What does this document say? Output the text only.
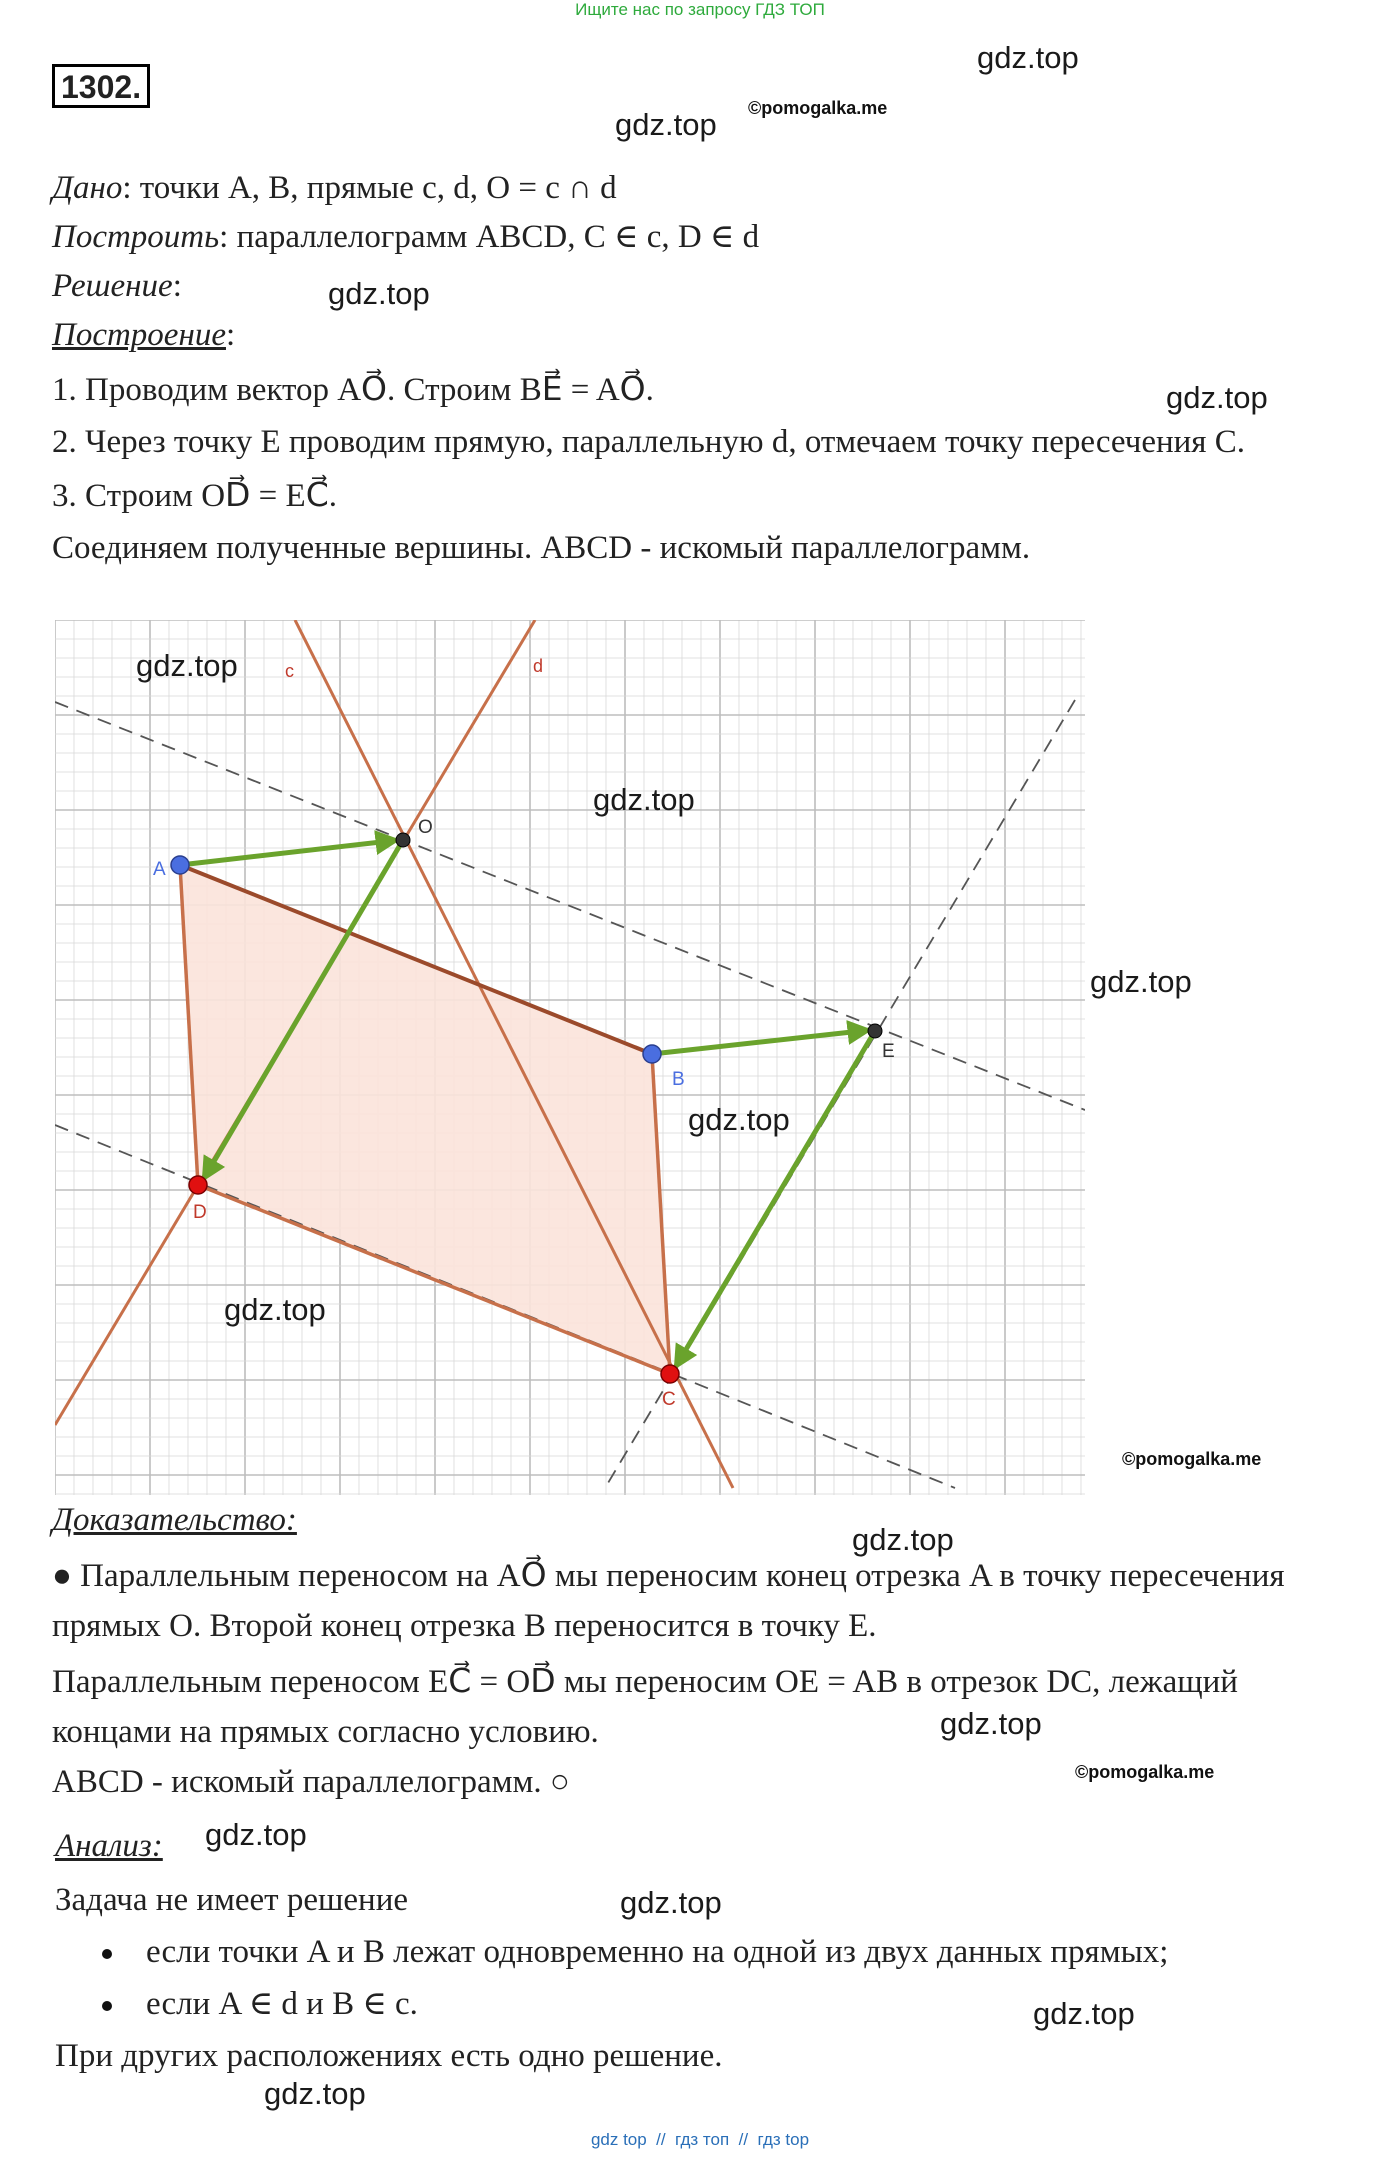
Ищите нас по запросу ГДЗ ТОП
1302.
gdz.top
©pomogalka.me
gdz.top
gdz.top
gdz.top
Дано: точки A, B, прямые c, d, O = c ∩ d
Построить: параллелограмм ABCD, C ∈ c, D ∈ d
Решение:
Построение:
1. Проводим вектор AO⃗. Строим BE⃗ = AO⃗.
2. Через точку E проводим прямую, параллельную d, отмечаем точку пересечения C.
3. Строим OD⃗ = EC⃗.
Соединяем полученные вершины. ABCD - искомый параллелограмм.
A
B
C
D
E
O
c	d
gdz.top
gdz.top
gdz.top
gdz.top
gdz.top
©pomogalka.me
Доказательство:
gdz.top
● Параллельным переносом на AO⃗ мы переносим конец отрезка A в точку пересечения
прямых O. Второй конец отрезка B переносится в точку E.
Параллельным переносом EC⃗ = OD⃗ мы переносим OE = AB в отрезок DC, лежащий
gdz.top
концами на прямых согласно условию.
©pomogalka.me
ABCD - искомый параллелограмм. ○
Анализ: gdz.top
Задача не имеет решение	gdz.top
если точки A и B лежат одновременно на одной из двух данных прямых;
если A ∈ d и B ∈ c.	gdz.top
При других расположениях есть одно решение.
gdz.top
gdz top  //  гдз топ  //  гдз top
